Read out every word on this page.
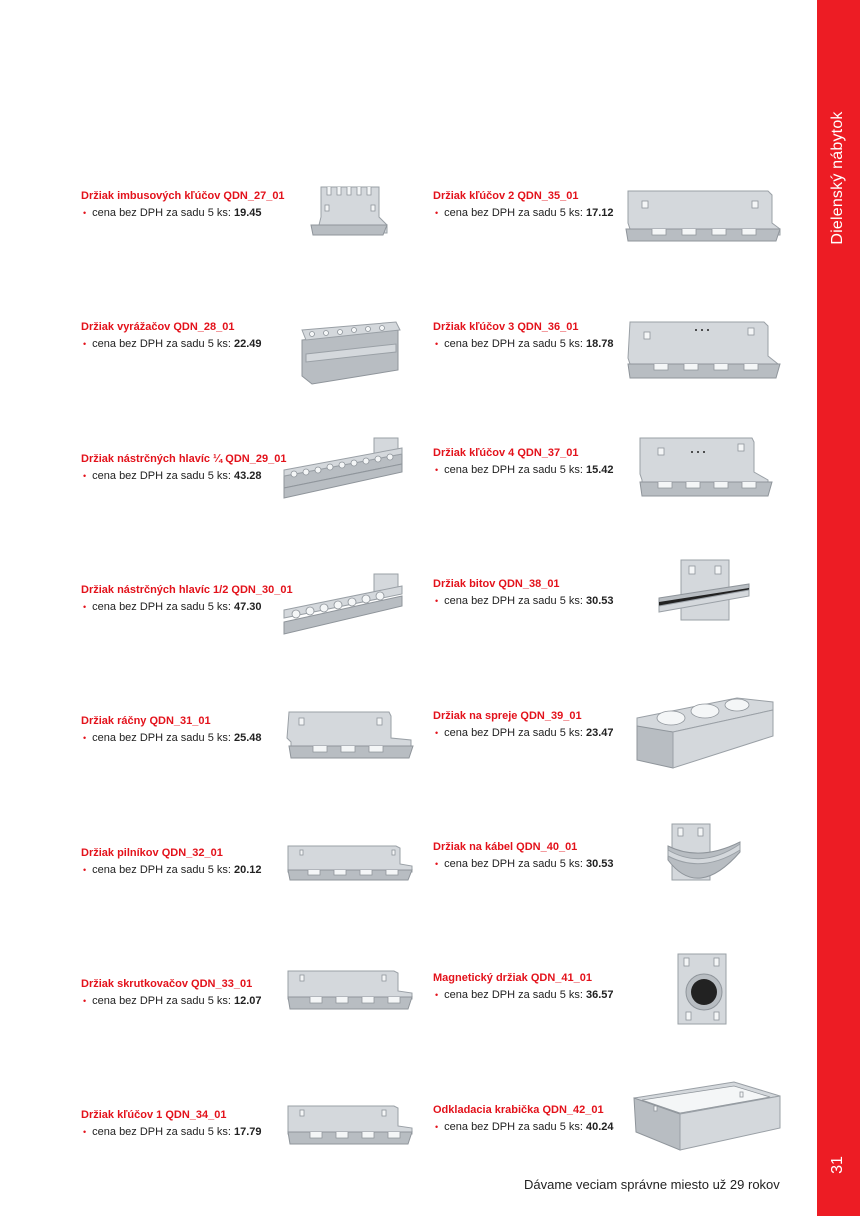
Dielenský nábytok
31
Držiak imbusových kľúčov QDN_27_01
• cena bez DPH za sadu 5 ks: 19.45
Držiak vyrážačov QDN_28_01
• cena bez DPH za sadu 5 ks: 22.49
Držiak nástrčných hlavíc ¼ QDN_29_01
• cena bez DPH za sadu 5 ks: 43.28
Držiak nástrčných hlavíc 1/2 QDN_30_01
• cena bez DPH za sadu 5 ks: 47.30
Držiak ráčny QDN_31_01
• cena bez DPH za sadu 5 ks: 25.48
Držiak pilníkov QDN_32_01
• cena bez DPH za sadu 5 ks: 20.12
Držiak skrutkovačov QDN_33_01
• cena bez DPH za sadu 5 ks: 12.07
Držiak kľúčov 1 QDN_34_01
• cena bez DPH za sadu 5 ks: 17.79
Držiak kľúčov 2 QDN_35_01
• cena bez DPH za sadu 5 ks: 17.12
Držiak kľúčov 3 QDN_36_01
• cena bez DPH za sadu 5 ks: 18.78
Držiak kľúčov 4 QDN_37_01
• cena bez DPH za sadu 5 ks: 15.42
Držiak bitov QDN_38_01
• cena bez DPH za sadu 5 ks: 30.53
Držiak na spreje QDN_39_01
• cena bez DPH za sadu 5 ks: 23.47
Držiak na kábel QDN_40_01
• cena bez DPH za sadu 5 ks: 30.53
Magnetický držiak QDN_41_01
• cena bez DPH za sadu 5 ks: 36.57
Odkladacia krabička QDN_42_01
• cena bez DPH za sadu 5 ks: 40.24
Dávame veciam správne miesto už 29 rokov
